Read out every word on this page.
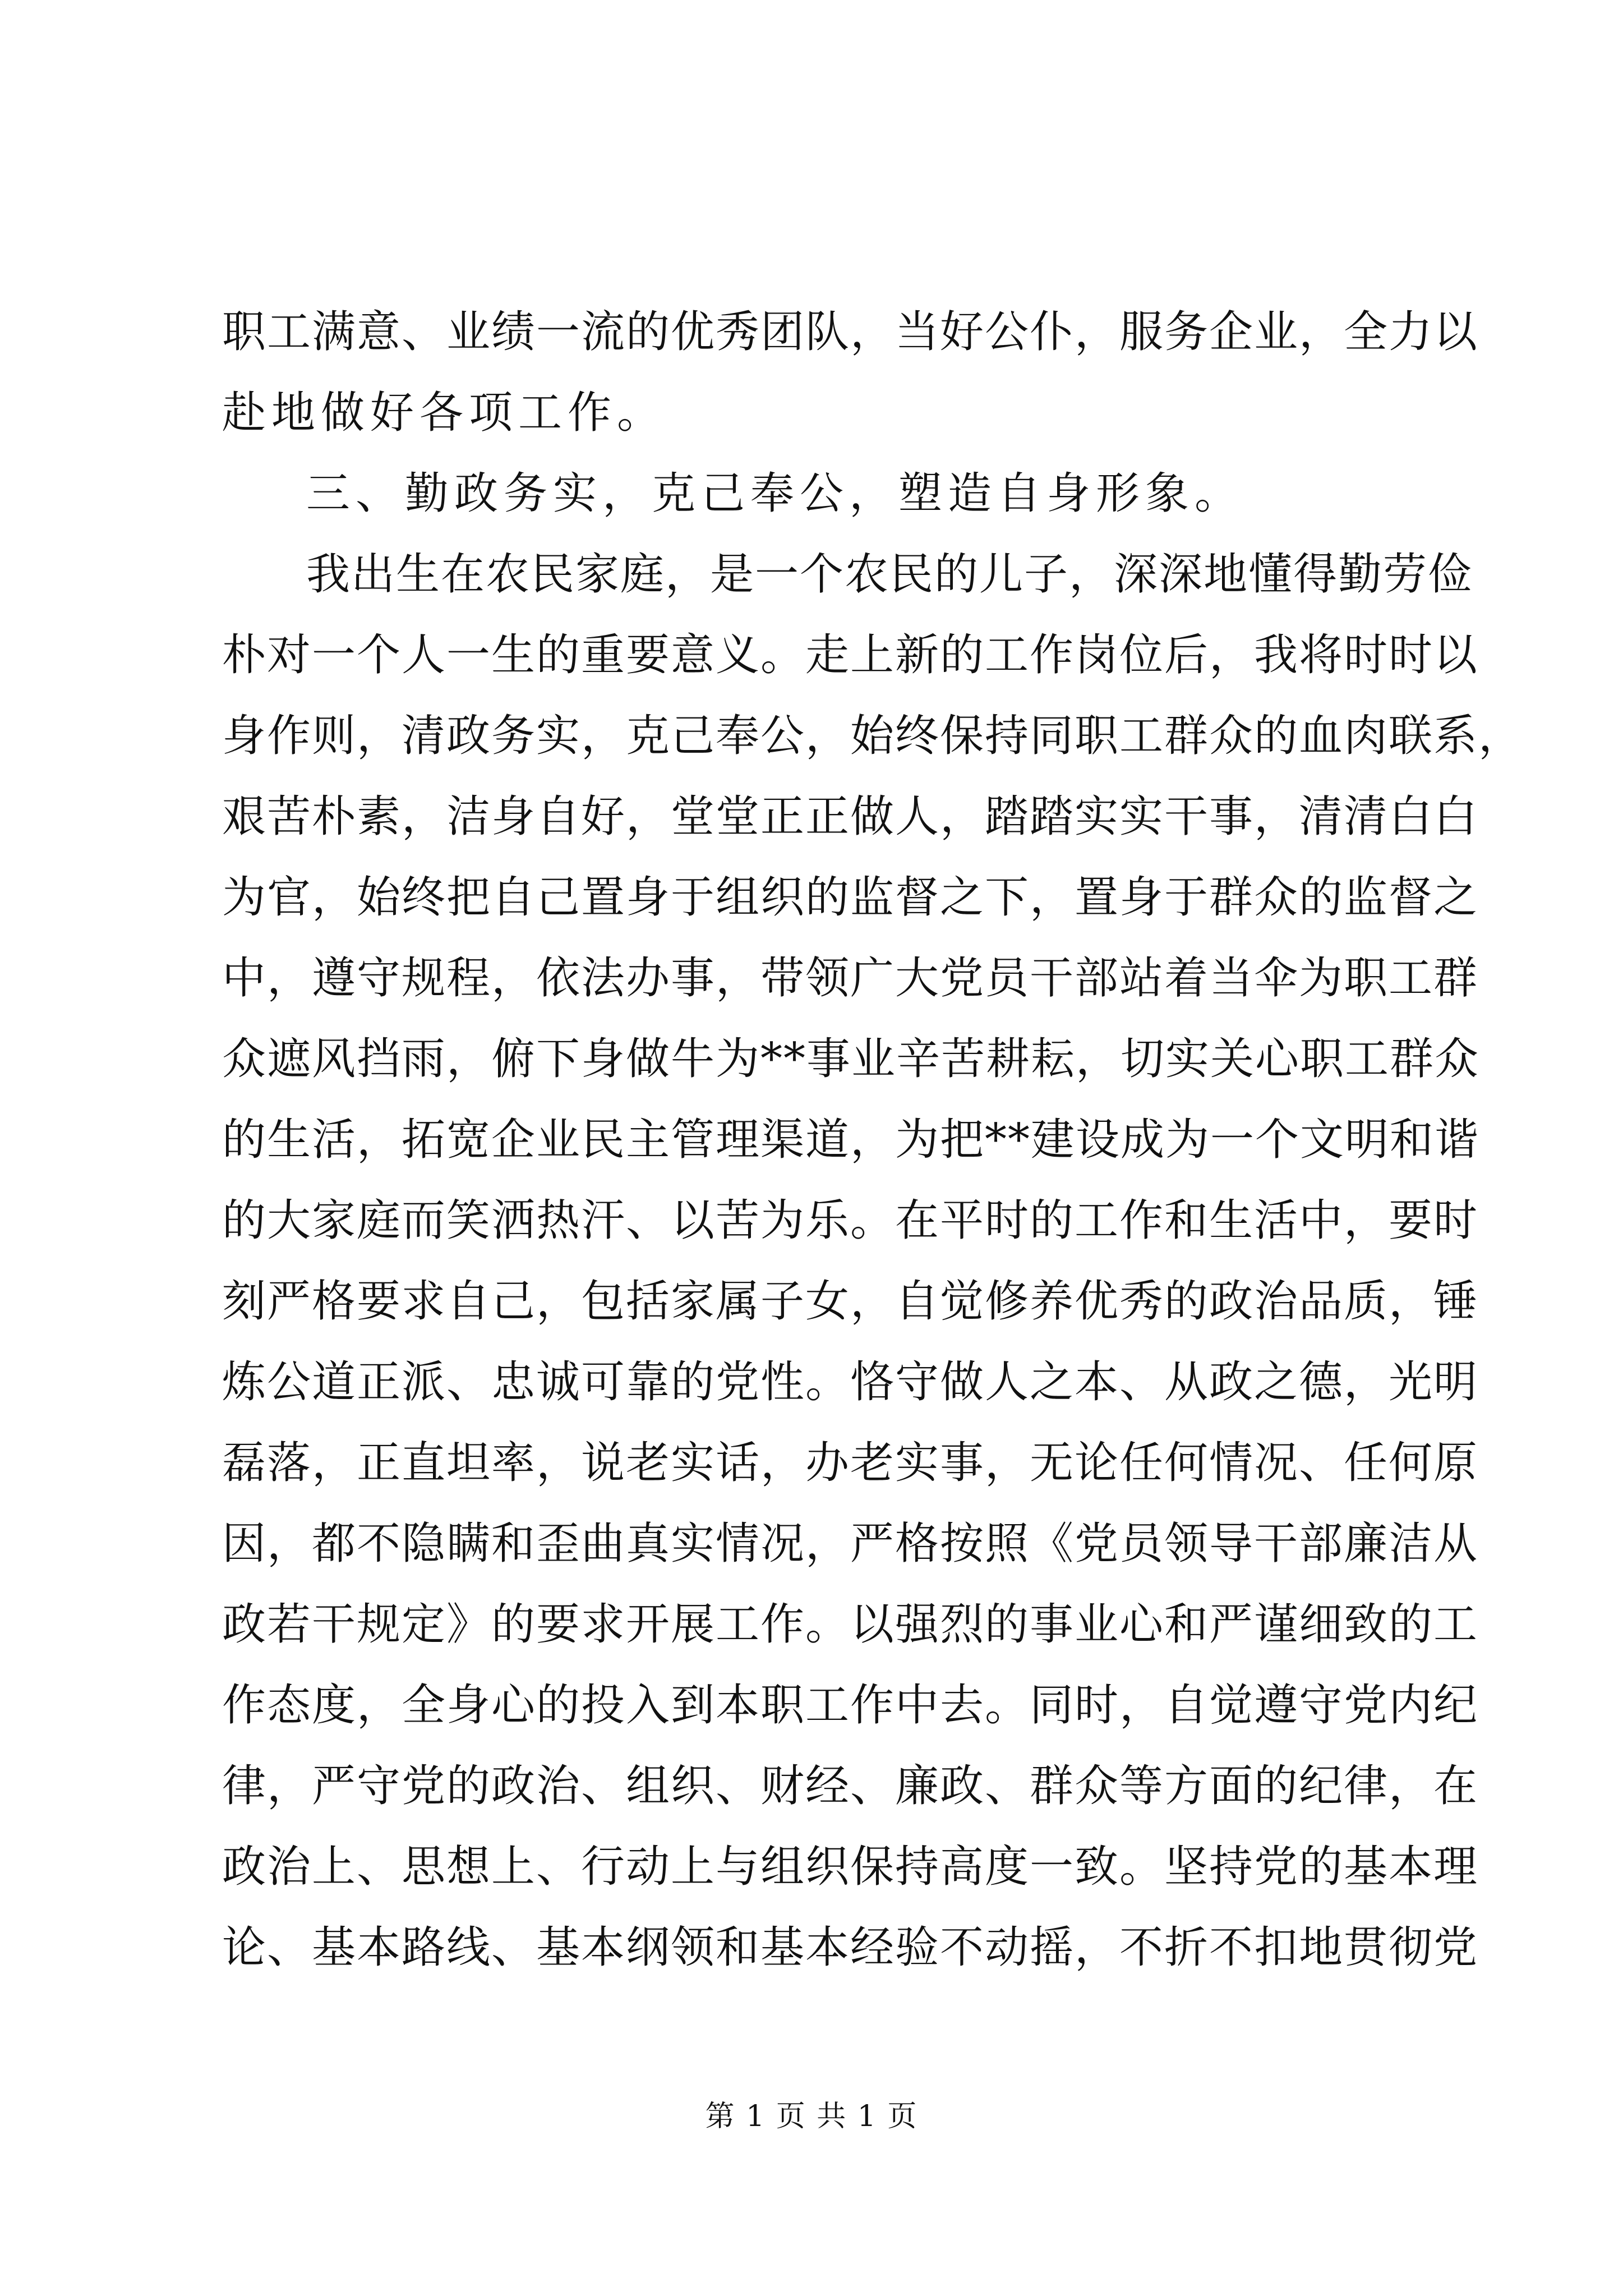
职工满意、业绩一流的优秀团队，当好公仆，服务企业，全力以
赴地做好各项工作。
三、勤政务实，克己奉公，塑造自身形象。
我出生在农民家庭，是一个农民的儿子，深深地懂得勤劳俭
朴对一个人一生的重要意义。走上新的工作岗位后，我将时时以
身作则，清政务实，克己奉公，始终保持同职工群众的血肉联系，
艰苦朴素，洁身自好，堂堂正正做人，踏踏实实干事，清清白白
为官，始终把自己置身于组织的监督之下，置身于群众的监督之
中，遵守规程，依法办事，带领广大党员干部站着当伞为职工群
众遮风挡雨，俯下身做牛为**事业辛苦耕耘，切实关心职工群众
的生活，拓宽企业民主管理渠道，为把**建设成为一个文明和谐
的大家庭而笑洒热汗、以苦为乐。在平时的工作和生活中，要时
刻严格要求自己，包括家属子女，自觉修养优秀的政治品质，锤
炼公道正派、忠诚可靠的党性。恪守做人之本、从政之德，光明
磊落，正直坦率，说老实话，办老实事，无论任何情况、任何原
因，都不隐瞒和歪曲真实情况，严格按照《党员领导干部廉洁从
政若干规定》的要求开展工作。以强烈的事业心和严谨细致的工
作态度，全身心的投入到本职工作中去。同时，自觉遵守党内纪
律，严守党的政治、组织、财经、廉政、群众等方面的纪律，在
政治上、思想上、行动上与组织保持高度一致。坚持党的基本理
论、基本路线、基本纲领和基本经验不动摇，不折不扣地贯彻党
第 1 页 共 1 页
